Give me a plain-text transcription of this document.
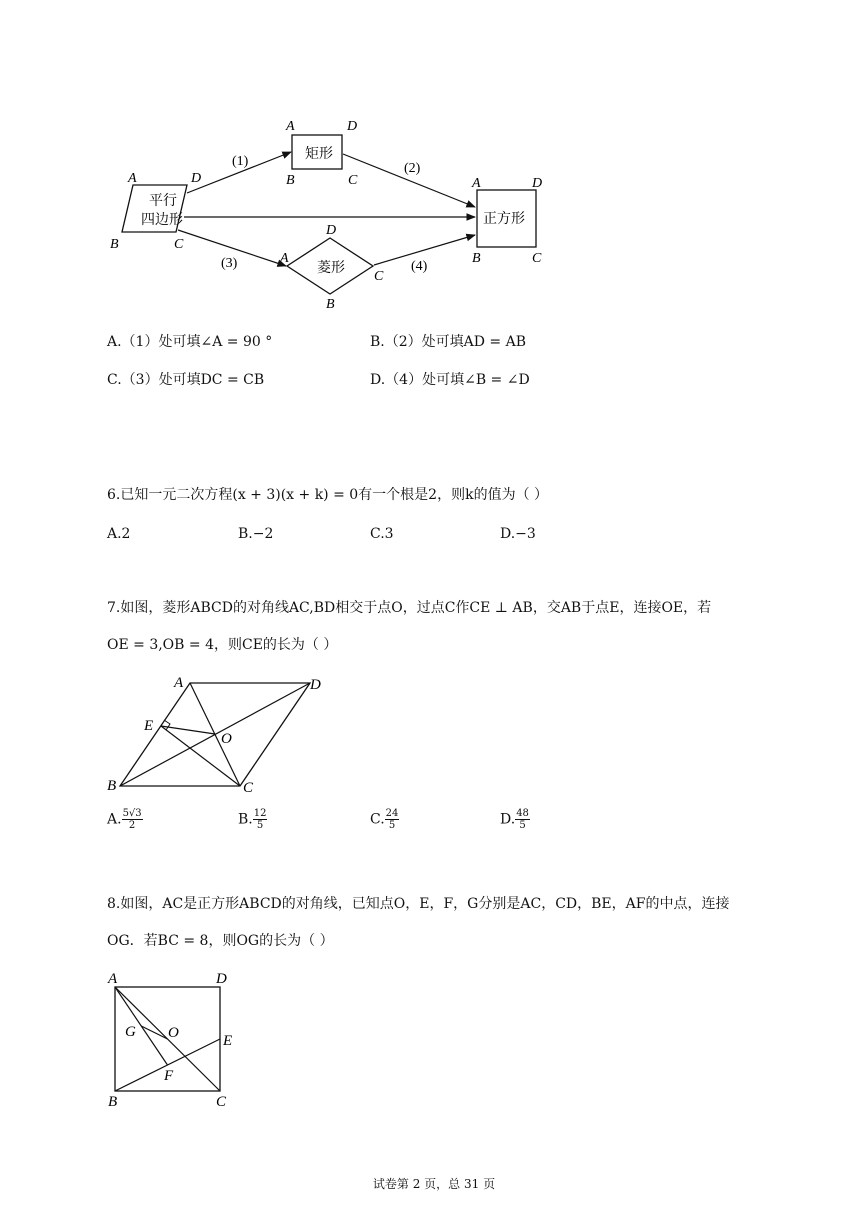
平行
四边形
A	D
B	C
矩形
A	D
B	C
菱形
D
A
B
C
正方形
A	D
B	C
(1)	(2)
(3)	(4)
A.（1）处可填∠A = 90 °	B.（2）处可填AD = AB
C.（3）处可填DC = CB	D.（4）处可填∠B = ∠D
6.已知一元二次方程(x + 3)(x + k) = 0有一个根是2，则k的值为（ ）
A.2	B.−2	C.3	D.−3
7.如图，菱形ABCD的对角线AC,BD相交于点O，过点C作CE ⊥ AB，交AB于点E，连接OE，若
OE = 3,OB = 4，则CE的长为（ ）
A	D
B	C
E
O
A. $\frac{5√3}{2}$	B. $\frac{12}{5}$	C. $\frac{24}{5}$	D. $\frac{48}{5}$
8.如图，AC是正方形ABCD的对角线，已知点O，E，F，G分别是AC，CD，BE，AF的中点，连接
OG．若BC = 8，则OG的长为（ ）
A	D
B	C
E
F
G O
试卷第 2 页，总 31 页
